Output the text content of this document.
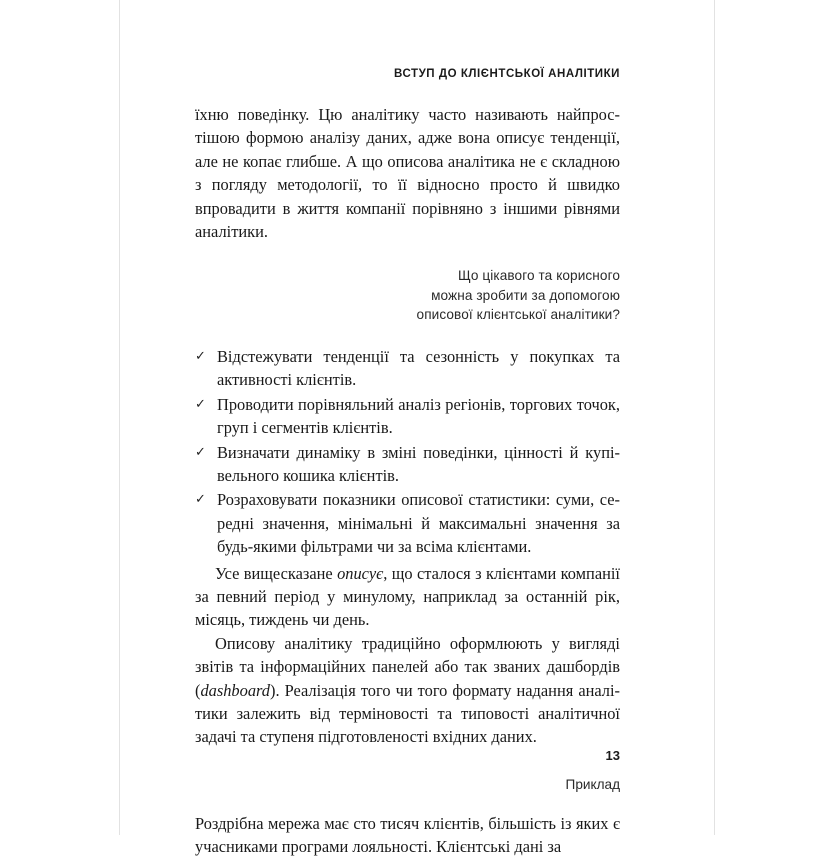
ВСТУП ДО КЛІЄНТСЬКОЇ АНАЛІТИКИ

їхню поведінку. Цю аналітику часто називають найпростішою формою аналізу даних, адже вона описує тенденції, але не копає глибше. А що описова аналітика не є складною з погляду методології, то її відносно просто й швидко впровадити в життя компанії порівняно з іншими рівнями аналітики.

Що цікавого та корисного
можна зробити за допомогою
описової клієнтської аналітики?
✓ Відстежувати тенденції та сезонність у покупках та активності клієнтів.
✓ Проводити порівняльний аналіз регіонів, торгових точок, груп і сегментів клієнтів.
✓ Визначати динаміку в зміні поведінки, цінності й купівельного кошика клієнтів.
✓ Розраховувати показники описової статистики: суми, середні значення, мінімальні й максимальні значення за будь-якими фільтрами чи за всіма клієнтами.

Усе вищесказане описує, що сталося з клієнтами компанії за певний період у минулому, наприклад за останній рік, місяць, тиждень чи день.

Описову аналітику традиційно оформлюють у вигляді звітів та інформаційних панелей або так званих дашбордів (dashboard). Реалізація того чи того формату надання аналітики залежить від терміновості та типовості аналітичної задачі та ступеня підготовленості вхідних даних.

Приклад

Роздрібна мережа має сто тисяч клієнтів, більшість із яких є учасниками програми лояльності. Клієнтські дані за

13
